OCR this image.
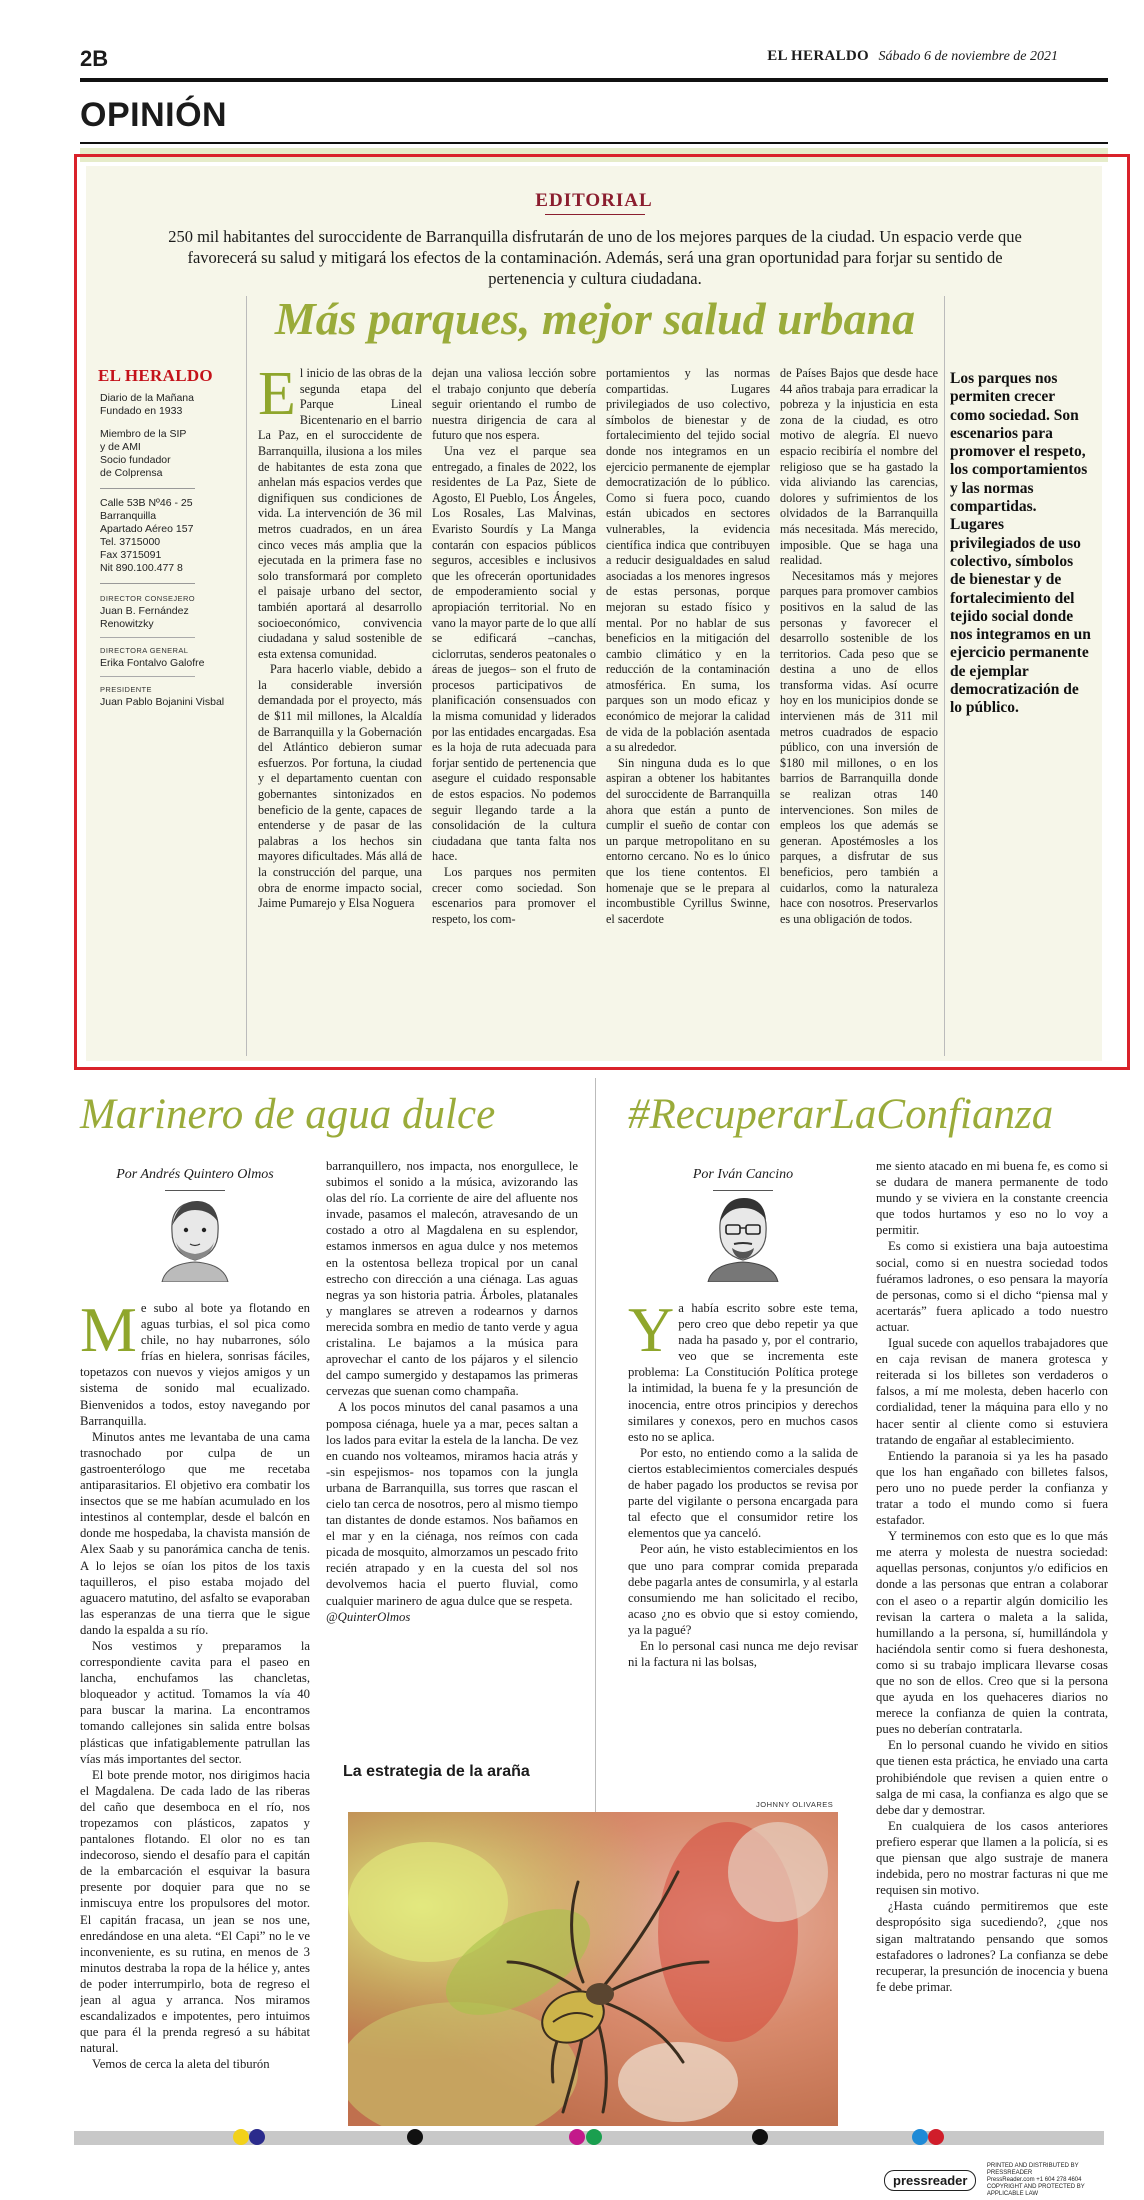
2B	EL HERALDO Sábado 6 de noviembre de 2021
OPINIÓN
EDITORIAL
250 mil habitantes del suroccidente de Barranquilla disfrutarán de uno de los mejores parques de la ciudad. Un espacio verde que favorecerá su salud y mitigará los efectos de la contaminación. Además, será una gran oportunidad para forjar su sentido de pertenencia y cultura ciudadana.
Más parques, mejor salud urbana
EL HERALDO
Diario de la Mañana
Fundado en 1933
Miembro de la SIP
y de AMI
Socio fundador
de Colprensa
Calle 53B Nº46 - 25
Barranquilla
Apartado Aéreo 157
Tel. 3715000
Fax 3715091
Nit 890.100.477 8
DIRECTOR CONSEJERO
Juan B. Fernández Renowitzky
DIRECTORA GENERAL
Erika Fontalvo Galofre
PRESIDENTE
Juan Pablo Bojanini Visbal
E l inicio de las obras de la segunda etapa del Parque Lineal Bicentenario en el barrio La Paz, en el suroccidente de Barranquilla, ilusiona a los miles de habitantes de esta zona que anhelan más espacios verdes que dignifiquen sus condiciones de vida. La intervención de 36 mil metros cuadrados, en un área cinco veces más amplia que la ejecutada en la primera fase no solo transformará por completo el paisaje urbano del sector, también aportará al desarrollo socioeconómico, convivencia ciudadana y salud sostenible de esta extensa comunidad.

Para hacerlo viable, debido a la considerable inversión demandada por el proyecto, más de $11 mil millones, la Alcaldía de Barranquilla y la Gobernación del Atlántico debieron sumar esfuerzos. Por fortuna, la ciudad y el departamento cuentan con gobernantes sintonizados en beneficio de la gente, capaces de entenderse y de pasar de las palabras a los hechos sin mayores dificultades. Más allá de la construcción del parque, una obra de enorme impacto social, Jaime Pumarejo y Elsa Noguera

dejan una valiosa lección sobre el trabajo conjunto que debería seguir orientando el rumbo de nuestra dirigencia de cara al futuro que nos espera.

Una vez el parque sea entregado, a finales de 2022, los residentes de La Paz, Siete de Agosto, El Pueblo, Los Ángeles, Los Rosales, Las Malvinas, Evaristo Sourdís y La Manga contarán con espacios públicos seguros, accesibles e inclusivos que les ofrecerán oportunidades de empoderamiento social y apropiación territorial. No en vano la mayor parte de lo que allí se edificará –canchas, ciclorrutas, senderos peatonales o áreas de juegos– son el fruto de procesos participativos de planificación consensuados con la misma comunidad y liderados por las entidades encargadas. Esa es la hoja de ruta adecuada para forjar sentido de pertenencia que asegure el cuidado responsable de estos espacios. No podemos seguir llegando tarde a la consolidación de la cultura ciudadana que tanta falta nos hace.

Los parques nos permiten crecer como sociedad. Son escenarios para promover el respeto, los com-

portamientos y las normas compartidas. Lugares privilegiados de uso colectivo, símbolos de bienestar y de fortalecimiento del tejido social donde nos integramos en un ejercicio permanente de ejemplar democratización de lo público. Como si fuera poco, cuando están ubicados en sectores vulnerables, la evidencia científica indica que contribuyen a reducir desigualdades en salud asociadas a los menores ingresos de estas personas, porque mejoran su estado físico y mental. Por no hablar de sus beneficios en la mitigación del cambio climático y en la reducción de la contaminación atmosférica. En suma, los parques son un modo eficaz y económico de mejorar la calidad de vida de la población asentada a su alrededor.

Sin ninguna duda es lo que aspiran a obtener los habitantes del suroccidente de Barranquilla ahora que están a punto de cumplir el sueño de contar con un parque metropolitano en su entorno cercano. No es lo único que los tiene contentos. El homenaje que se le prepara al incombustible Cyrillus Swinne, el sacerdote

de Países Bajos que desde hace 44 años trabaja para erradicar la pobreza y la injusticia en esta zona de la ciudad, es otro motivo de alegría. El nuevo espacio recibiría el nombre del religioso que se ha gastado la vida aliviando las carencias, dolores y sufrimientos de los olvidados de la Barranquilla más necesitada. Más merecido, imposible. Que se haga una realidad.

Necesitamos más y mejores parques para promover cambios positivos en la salud de las personas y favorecer el desarrollo sostenible de los territorios. Cada peso que se destina a uno de ellos transforma vidas. Así ocurre hoy en los municipios donde se intervienen más de 311 mil metros cuadrados de espacio público, con una inversión de $180 mil millones, o en los barrios de Barranquilla donde se realizan otras 140 intervenciones. Son miles de empleos los que además se generan. Apostémosles a los parques, a disfrutar de sus beneficios, pero también a cuidarlos, como la naturaleza hace con nosotros. Preservarlos es una obligación de todos.

Los parques nos permiten crecer como sociedad. Son escenarios para promover el respeto, los comportamientos y las normas compartidas. Lugares privilegiados de uso colectivo, símbolos de bienestar y de fortalecimiento del tejido social donde nos integramos en un ejercicio permanente de ejemplar democratización de lo público.
Marinero de agua dulce
Por Andrés Quintero Olmos
M e subo al bote ya flotando en aguas turbias, el sol pica como chile, no hay nubarrones, sólo frías en hielera, sonrisas fáciles, topetazos con nuevos y viejos amigos y un sistema de sonido mal ecualizado. Bienvenidos a todos, estoy navegando por Barranquilla.

Minutos antes me levantaba de una cama trasnochado por culpa de un gastroenterólogo que me recetaba antiparasitarios. El objetivo era combatir los insectos que se me habían acumulado en los intestinos al contemplar, desde el balcón en donde me hospedaba, la chavista mansión de Alex Saab y su panorámica cancha de tenis. A lo lejos se oían los pitos de los taxis taquilleros, el piso estaba mojado del aguacero matutino, del asfalto se evaporaban las esperanzas de una tierra que le sigue dando la espalda a su río.

Nos vestimos y preparamos la correspondiente cavita para el paseo en lancha, enchufamos las chancletas, bloqueador y actitud. Tomamos la vía 40 para buscar la marina. La encontramos tomando callejones sin salida entre bolsas plásticas que infatigablemente patrullan las vías más importantes del sector.

El bote prende motor, nos dirigimos hacia el Magdalena. De cada lado de las riberas del caño que desemboca en el río, nos tropezamos con plásticos, zapatos y pantalones flotando. El olor no es tan indecoroso, siendo el desafío para el capitán de la embarcación el esquivar la basura presente por doquier para que no se inmiscuya entre los propulsores del motor. El capitán fracasa, un jean se nos une, enredándose en una aleta. “El Capi” no le ve inconveniente, es su rutina, en menos de 3 minutos destraba la ropa de la hélice y, antes de poder interrumpirlo, bota de regreso el jean al agua y arranca. Nos miramos escandalizados e impotentes, pero intuimos que para él la prenda regresó a su hábitat natural.

Vemos de cerca la aleta del tiburón

barranquillero, nos impacta, nos enorgullece, le subimos el sonido a la música, avizorando las olas del río. La corriente de aire del afluente nos invade, pasamos el malecón, atravesando de un costado a otro al Magdalena en su esplendor, estamos inmersos en agua dulce y nos metemos en la ostentosa belleza tropical por un canal estrecho con dirección a una ciénaga. Las aguas negras ya son historia patria. Árboles, platanales y manglares se atreven a rodearnos y darnos merecida sombra en medio de tanto verde y agua cristalina. Le bajamos a la música para aprovechar el canto de los pájaros y el silencio del campo sumergido y destapamos las primeras cervezas que suenan como champaña.

A los pocos minutos del canal pasamos a una pomposa ciénaga, huele ya a mar, peces saltan a los lados para evitar la estela de la lancha. De vez en cuando nos volteamos, miramos hacia atrás y -sin espejismos- nos topamos con la jungla urbana de Barranquilla, sus torres que rascan el cielo tan cerca de nosotros, pero al mismo tiempo tan distantes de donde estamos. Nos bañamos en el mar y en la ciénaga, nos reímos con cada picada de mosquito, almorzamos un pescado frito recién atrapado y en la cuesta del sol nos devolvemos hacia el puerto fluvial, como cualquier marinero de agua dulce que se respeta.

@QuinterOlmos

La estrategia de la araña
JOHNNY OLIVARES
#RecuperarLaConfianza
Por Iván Cancino
Y a había escrito sobre este tema, pero creo que debo repetir ya que nada ha pasado y, por el contrario, veo que se incrementa este problema: La Constitución Política protege la intimidad, la buena fe y la presunción de inocencia, entre otros principios y derechos similares y conexos, pero en muchos casos esto no se aplica.

Por esto, no entiendo como a la salida de ciertos establecimientos comerciales después de haber pagado los productos se revisa por parte del vigilante o persona encargada para tal efecto que el consumidor retire los elementos que ya canceló.

Peor aún, he visto establecimientos en los que uno para comprar comida preparada debe pagarla antes de consumirla, y al estarla consumiendo me han solicitado el recibo, acaso ¿no es obvio que si estoy comiendo, ya la pagué?

En lo personal casi nunca me dejo revisar ni la factura ni las bolsas,

me siento atacado en mi buena fe, es como si se dudara de manera permanente de todo mundo y se viviera en la constante creencia que todos hurtamos y eso no lo voy a permitir.

Es como si existiera una baja autoestima social, como si en nuestra sociedad todos fuéramos ladrones, o eso pensara la mayoría de personas, como si el dicho “piensa mal y acertarás” fuera aplicado a todo nuestro actuar.

Igual sucede con aquellos trabajadores que en caja revisan de manera grotesca y reiterada si los billetes son verdaderos o falsos, a mí me molesta, deben hacerlo con cordialidad, tener la máquina para ello y no hacer sentir al cliente como si estuviera tratando de engañar al establecimiento.

Entiendo la paranoia si ya les ha pasado que los han engañado con billetes falsos, pero uno no puede perder la confianza y tratar a todo el mundo como si fuera estafador.

Y terminemos con esto que es lo que más me aterra y molesta de nuestra sociedad: aquellas personas, conjuntos y/o edificios en donde a las personas que entran a colaborar con el aseo o a repartir algún domicilio les revisan la cartera o maleta a la salida, humillando a la persona, sí, humillándola y haciéndola sentir como si fuera deshonesta, como si su trabajo implicara llevarse cosas que no son de ellos. Creo que si la persona que ayuda en los quehaceres diarios no merece la confianza de quien la contrata, pues no deberían contratarla.

En lo personal cuando he vivido en sitios que tienen esta práctica, he enviado una carta prohibiéndole que revisen a quien entre o salga de mi casa, la confianza es algo que se debe dar y demostrar.

En cualquiera de los casos anteriores prefiero esperar que llamen a la policía, si es que piensan que algo sustraje de manera indebida, pero no mostrar facturas ni que me requisen sin motivo.

¿Hasta cuándo permitiremos que este despropósito siga sucediendo?, ¿que nos sigan maltratando pensando que somos estafadores o ladrones? La confianza se debe recuperar, la presunción de inocencia y buena fe debe primar.

pressreader PRINTED AND DISTRIBUTED BY PRESSREADER
PressReader.com +1 604 278 4604
COPYRIGHT AND PROTECTED BY APPLICABLE LAW
